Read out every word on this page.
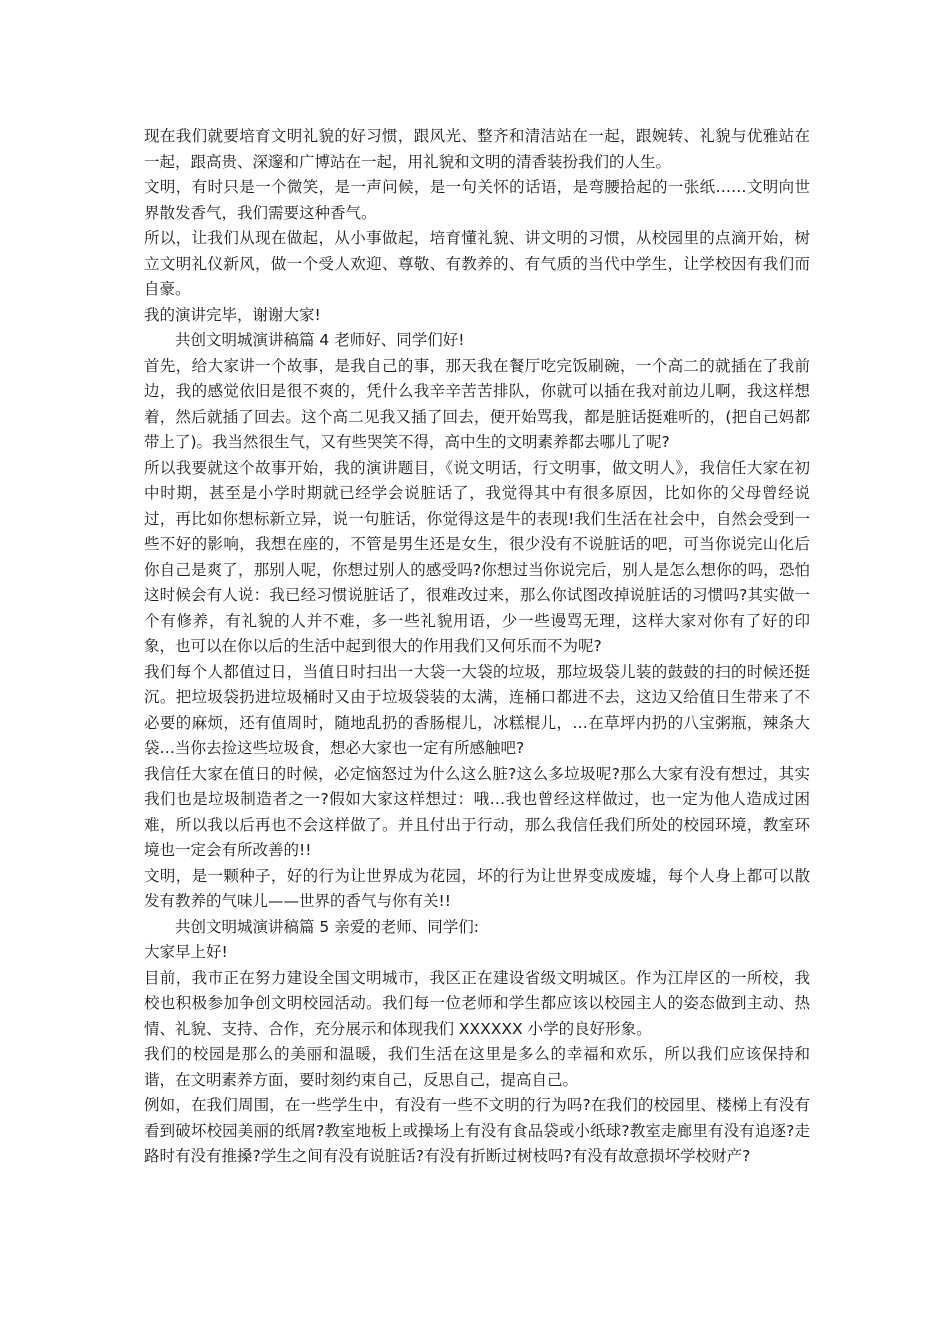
现在我们就要培育文明礼貌的好习惯，跟风光、整齐和清洁站在一起，跟婉转、礼貌与优雅站在一起，跟高贵、深邃和广博站在一起，用礼貌和文明的清香装扮我们的人生。

文明，有时只是一个微笑，是一声问候，是一句关怀的话语，是弯腰拾起的一张纸……文明向世界散发香气，我们需要这种香气。

所以，让我们从现在做起，从小事做起，培育懂礼貌、讲文明的习惯，从校园里的点滴开始，树立文明礼仪新风，做一个受人欢迎、尊敬、有教养的、有气质的当代中学生，让学校因有我们而自豪。

我的演讲完毕，谢谢大家!

共创文明城演讲稿篇 4 老师好、同学们好!

首先，给大家讲一个故事，是我自己的事，那天我在餐厅吃完饭刷碗，一个高二的就插在了我前边，我的感觉依旧是很不爽的，凭什么我辛辛苦苦排队，你就可以插在我对前边儿啊，我这样想着，然后就插了回去。这个高二见我又插了回去，便开始骂我，都是脏话挺难听的，(把自己妈都带上了)。我当然很生气，又有些哭笑不得，高中生的文明素养都去哪儿了呢?

所以我要就这个故事开始，我的演讲题目，《说文明话，行文明事，做文明人》，我信任大家在初中时期，甚至是小学时期就已经学会说脏话了，我觉得其中有很多原因，比如你的父母曾经说过，再比如你想标新立异，说一句脏话，你觉得这是牛的表现!我们生活在社会中，自然会受到一些不好的影响，我想在座的，不管是男生还是女生，很少没有不说脏话的吧，可当你说完山化后你自己是爽了，那别人呢，你想过别人的感受吗?你想过当你说完后，别人是怎么想你的吗，恐怕这时候会有人说：我已经习惯说脏话了，很难改过来，那么你试图改掉说脏话的习惯吗?其实做一个有修养，有礼貌的人并不难，多一些礼貌用语，少一些谩骂无理，这样大家对你有了好的印象，也可以在你以后的生活中起到很大的作用我们又何乐而不为呢?

我们每个人都值过日，当值日时扫出一大袋一大袋的垃圾，那垃圾袋儿装的鼓鼓的扫的时候还挺沉。把垃圾袋扔进垃圾桶时又由于垃圾袋装的太满，连桶口都进不去，这边又给值日生带来了不必要的麻烦，还有值周时，随地乱扔的香肠棍儿，冰糕棍儿，…在草坪内扔的八宝粥瓶，辣条大袋…当你去捡这些垃圾食，想必大家也一定有所感触吧?

我信任大家在值日的时候，必定恼怒过为什么这么脏?这么多垃圾呢?那么大家有没有想过，其实我们也是垃圾制造者之一?假如大家这样想过：哦…我也曾经这样做过，也一定为他人造成过困难，所以我以后再也不会这样做了。并且付出于行动，那么我信任我们所处的校园环境，教室环境也一定会有所改善的!!

文明，是一颗种子，好的行为让世界成为花园，坏的行为让世界变成废墟，每个人身上都可以散发有教养的气味儿——世界的香气与你有关!!

共创文明城演讲稿篇 5 亲爱的老师、同学们:

大家早上好!

目前，我市正在努力建设全国文明城市，我区正在建设省级文明城区。作为江岸区的一所校，我校也积极参加争创文明校园活动。我们每一位老师和学生都应该以校园主人的姿态做到主动、热情、礼貌、支持、合作，充分展示和体现我们 XXXXXX 小学的良好形象。

我们的校园是那么的美丽和温暖，我们生活在这里是多么的幸福和欢乐，所以我们应该保持和谐，在文明素养方面，要时刻约束自己，反思自己，提高自己。

例如，在我们周围，在一些学生中，有没有一些不文明的行为吗?在我们的校园里、楼梯上有没有看到破坏校园美丽的纸屑?教室地板上或操场上有没有食品袋或小纸球?教室走廊里有没有追逐?走路时有没有推搡?学生之间有没有说脏话?有没有折断过树枝吗?有没有故意损坏学校财产?
